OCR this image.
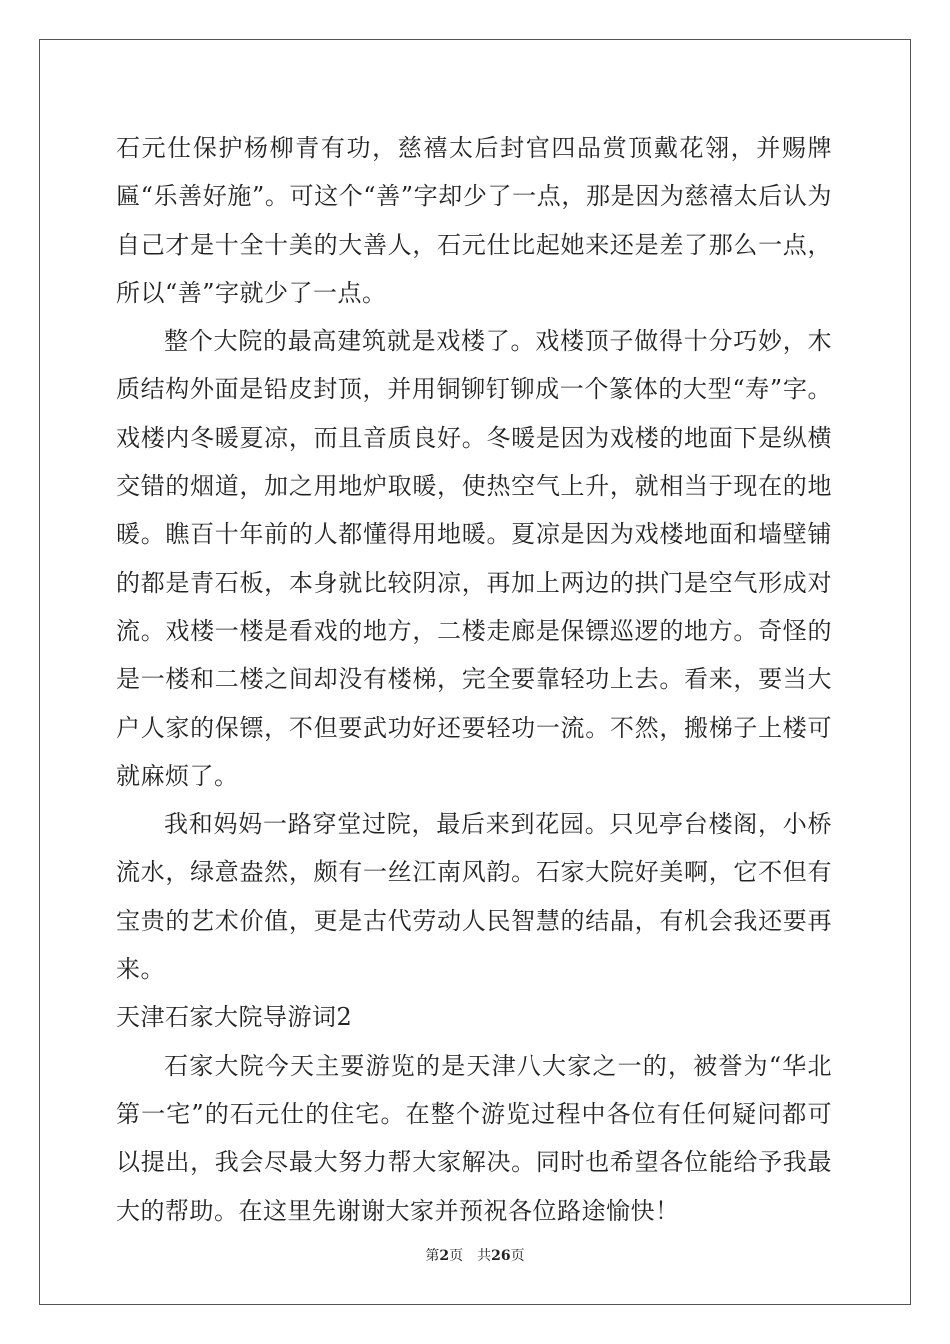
石元仕保护杨柳青有功，慈禧太后封官四品赏顶戴花翎，并赐牌匾“乐善好施”。可这个“善”字却少了一点，那是因为慈禧太后认为自己才是十全十美的大善人，石元仕比起她来还是差了那么一点，所以“善”字就少了一点。

整个大院的最高建筑就是戏楼了。戏楼顶子做得十分巧妙，木质结构外面是铅皮封顶，并用铜铆钉铆成一个篆体的大型“寿”字。戏楼内冬暖夏凉，而且音质良好。冬暖是因为戏楼的地面下是纵横交错的烟道，加之用地炉取暖，使热空气上升，就相当于现在的地暖。瞧百十年前的人都懂得用地暖。夏凉是因为戏楼地面和墙壁铺的都是青石板，本身就比较阴凉，再加上两边的拱门是空气形成对流。戏楼一楼是看戏的地方，二楼走廊是保镖巡逻的地方。奇怪的是一楼和二楼之间却没有楼梯，完全要靠轻功上去。看来，要当大户人家的保镖，不但要武功好还要轻功一流。不然，搬梯子上楼可就麻烦了。

我和妈妈一路穿堂过院，最后来到花园。只见亭台楼阁，小桥流水，绿意盎然，颇有一丝江南风韵。石家大院好美啊，它不但有宝贵的艺术价值，更是古代劳动人民智慧的结晶，有机会我还要再来。

天津石家大院导游词2

石家大院今天主要游览的是天津八大家之一的，被誉为“华北第一宅”的石元仕的住宅。在整个游览过程中各位有任何疑问都可以提出，我会尽最大努力帮大家解决。同时也希望各位能给予我最大的帮助。在这里先谢谢大家并预祝各位路途愉快！

第2页 共26页
